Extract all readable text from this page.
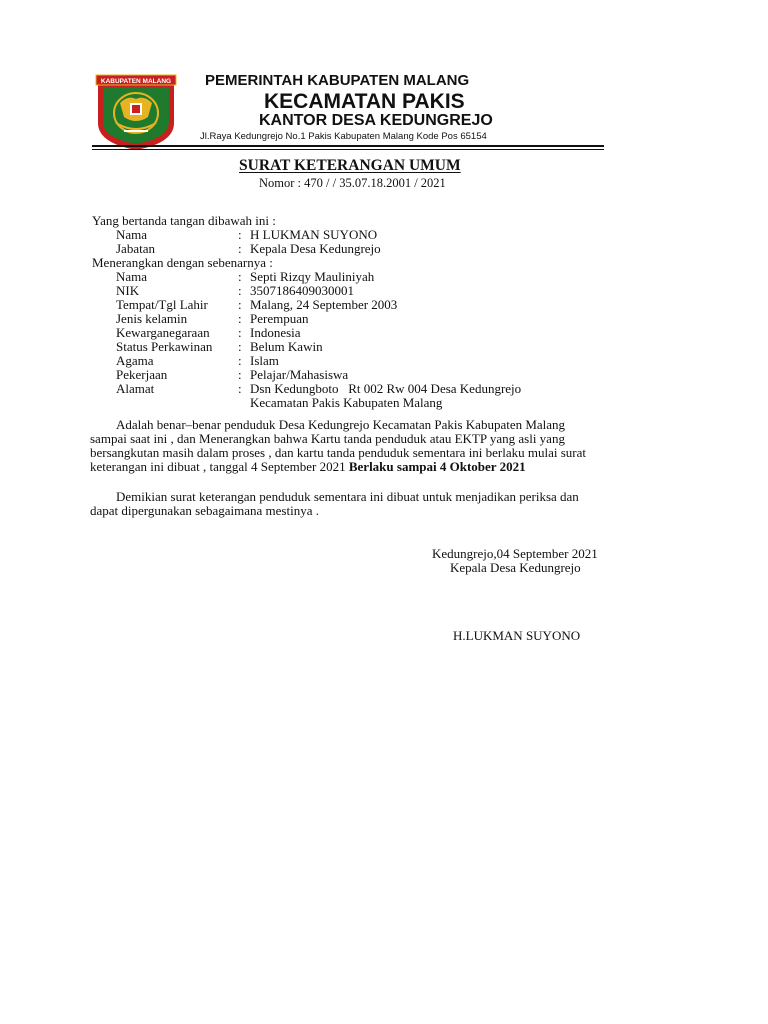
KABUPATEN MALANG PEMERINTAH KABUPATEN MALANG
KECAMATAN PAKIS
KANTOR DESA KEDUNGREJO
Jl.Raya Kedungrejo No.1 Pakis Kabupaten Malang Kode Pos 65154
SURAT KETERANGAN UMUM
Nomor : 470 / / 35.07.18.2001 / 2021
Yang bertanda tangan dibawah ini :
Nama	: H LUKMAN SUYONO
Jabatan	: Kepala Desa Kedungrejo
Menerangkan dengan sebenarnya :
Nama	: Septi Rizqy Mauliniyah
NIK	: 3507186409030001
Tempat/Tgl Lahir : Malang, 24 September 2003
Jenis kelamin	: Perempuan
Kewarganegaraan : Indonesia
Status Perkawinan : Belum Kawin
Agama	: Islam
Pekerjaan	: Pelajar/Mahasiswa
Alamat	: Dsn Kedungboto   Rt 002 Rw 004 Desa Kedungrejo
Kecamatan Pakis Kabupaten Malang
Adalah benar–benar penduduk Desa Kedungrejo Kecamatan Pakis Kabupaten Malang
sampai saat ini , dan Menerangkan bahwa Kartu tanda penduduk atau EKTP yang asli yang
bersangkutan masih dalam proses , dan kartu tanda penduduk sementara ini berlaku mulai surat
keterangan ini dibuat , tanggal 4 September 2021 Berlaku sampai 4 Oktober 2021
Demikian surat keterangan penduduk sementara ini dibuat untuk menjadikan periksa dan
dapat dipergunakan sebagaimana mestinya .
Kedungrejo,04 September 2021
Kepala Desa Kedungrejo
H.LUKMAN SUYONO
